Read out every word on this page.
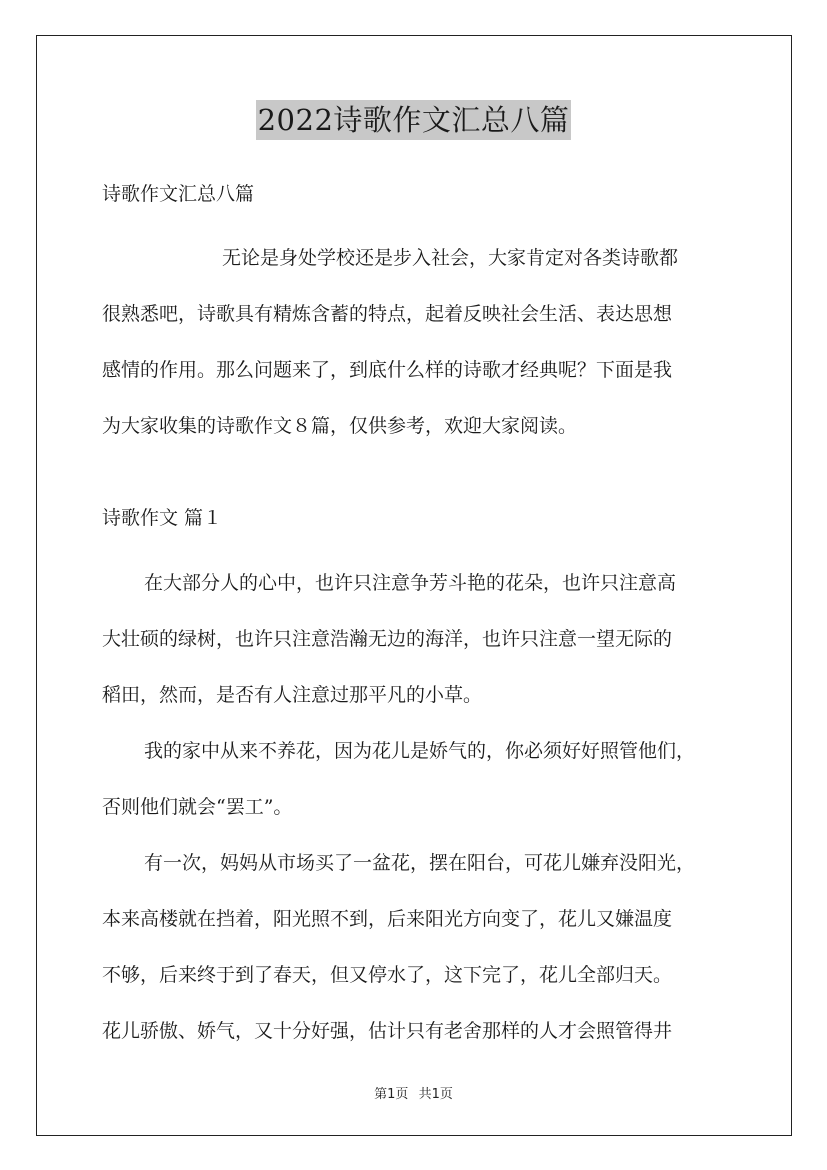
2022诗歌作文汇总八篇
诗歌作文汇总八篇
无论是身处学校还是步入社会，大家肯定对各类诗歌都
很熟悉吧，诗歌具有精炼含蓄的特点，起着反映社会生活、表达思想
感情的作用。那么问题来了，到底什么样的诗歌才经典呢？下面是我
为大家收集的诗歌作文８篇，仅供参考，欢迎大家阅读。
诗歌作文 篇１

在大部分人的心中，也许只注意争芳斗艳的花朵，也许只注意高
大壮硕的绿树，也许只注意浩瀚无边的海洋，也许只注意一望无际的
稻田，然而，是否有人注意过那平凡的小草。

我的家中从来不养花，因为花儿是娇气的，你必须好好照管他们，
否则他们就会“罢工”。

有一次，妈妈从市场买了一盆花，摆在阳台，可花儿嫌弃没阳光，
本来高楼就在挡着，阳光照不到，后来阳光方向变了，花儿又嫌温度
不够，后来终于到了春天，但又停水了，这下完了，花儿全部归天。
花儿骄傲、娇气，又十分好强，估计只有老舍那样的人才会照管得井

第1页 共1页
